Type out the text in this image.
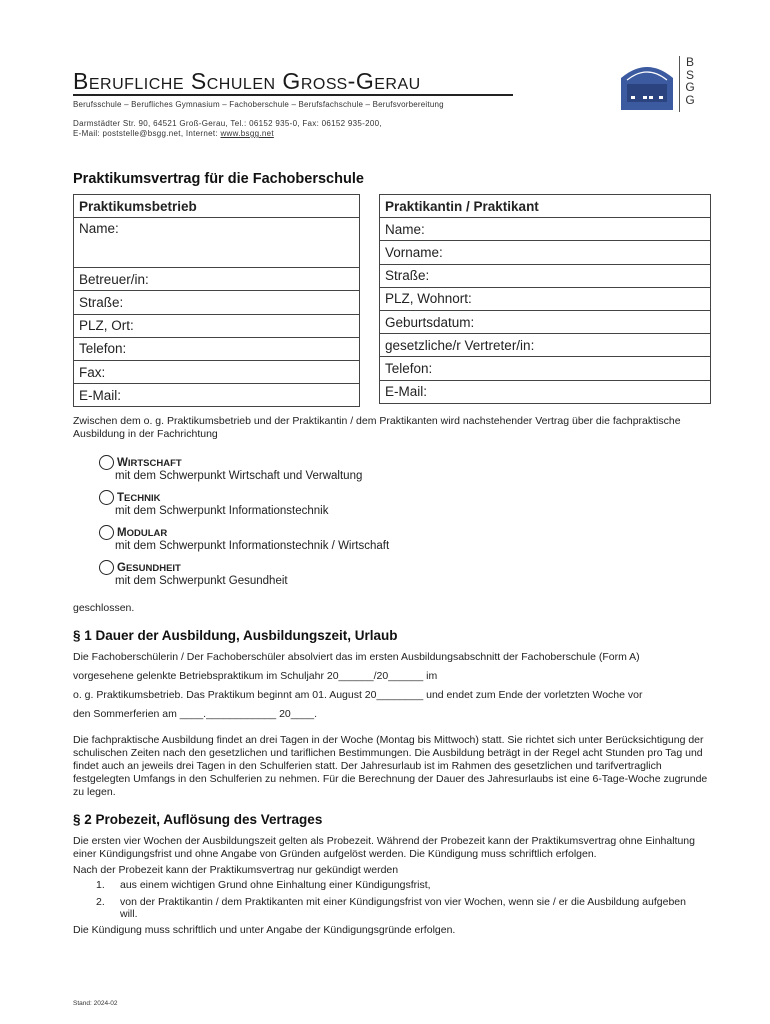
Berufliche Schulen Groß-Gerau
Berufsschule – Berufliches Gymnasium – Fachoberschule – Berufsfachschule – Berufsvorbereitung
Darmstädter Str. 90, 64521 Groß-Gerau, Tel.: 06152 935-0, Fax: 06152 935-200,
E-Mail: poststelle@bsgg.net, Internet: www.bsgg.net
B
S
G
G
Praktikumsvertrag für die Fachoberschule
Praktikumsbetrieb
Name:
Betreuer/in:
Straße:
PLZ, Ort:
Telefon:
Fax:
E-Mail:
Praktikantin / Praktikant
Name:
Vorname:
Straße:
PLZ, Wohnort:
Geburtsdatum:
gesetzliche/r Vertreter/in:
Telefon:
E-Mail:
Zwischen dem o. g. Praktikumsbetrieb und der Praktikantin / dem Praktikanten wird nachstehender Vertrag über die fachpraktische Ausbildung in der Fachrichtung
WIRTSCHAFT
mit dem Schwerpunkt Wirtschaft und Verwaltung
TECHNIK
mit dem Schwerpunkt Informationstechnik
MODULAR
mit dem Schwerpunkt Informationstechnik / Wirtschaft
GESUNDHEIT
mit dem Schwerpunkt Gesundheit
geschlossen.
§ 1 Dauer der Ausbildung, Ausbildungszeit, Urlaub
Die Fachoberschülerin / Der Fachoberschüler absolviert das im ersten Ausbildungsabschnitt der Fachoberschule (Form A)
vorgesehene gelenkte Betriebspraktikum im Schuljahr 20______/20______ im
o. g. Praktikumsbetrieb. Das Praktikum beginnt am 01. August 20________ und endet zum Ende der vorletzten Woche vor
den Sommerferien am ____.____________ 20____.
Die fachpraktische Ausbildung findet an drei Tagen in der Woche (Montag bis Mittwoch) statt. Sie richtet sich unter Berücksichtigung der schulischen Zeiten nach den gesetzlichen und tariflichen Bestimmungen. Die Ausbildung beträgt in der Regel acht Stunden pro Tag und findet auch an jeweils drei Tagen in den Schulferien statt. Der Jahresurlaub ist im Rahmen des gesetzlichen und tarifvertraglich festgelegten Umfangs in den Schulferien zu nehmen. Für die Berechnung der Dauer des Jahresurlaubs ist eine 6-Tage-Woche zugrunde zu legen.
§ 2 Probezeit, Auflösung des Vertrages
Die ersten vier Wochen der Ausbildungszeit gelten als Probezeit. Während der Probezeit kann der Praktikumsvertrag ohne Einhaltung einer Kündigungsfrist und ohne Angabe von Gründen aufgelöst werden. Die Kündigung muss schriftlich erfolgen.
Nach der Probezeit kann der Praktikumsvertrag nur gekündigt werden
1. aus einem wichtigen Grund ohne Einhaltung einer Kündigungsfrist,
2. von der Praktikantin / dem Praktikanten mit einer Kündigungsfrist von vier Wochen, wenn sie / er die Ausbildung aufgeben will.
Die Kündigung muss schriftlich und unter Angabe der Kündigungsgründe erfolgen.
Stand: 2024-02
